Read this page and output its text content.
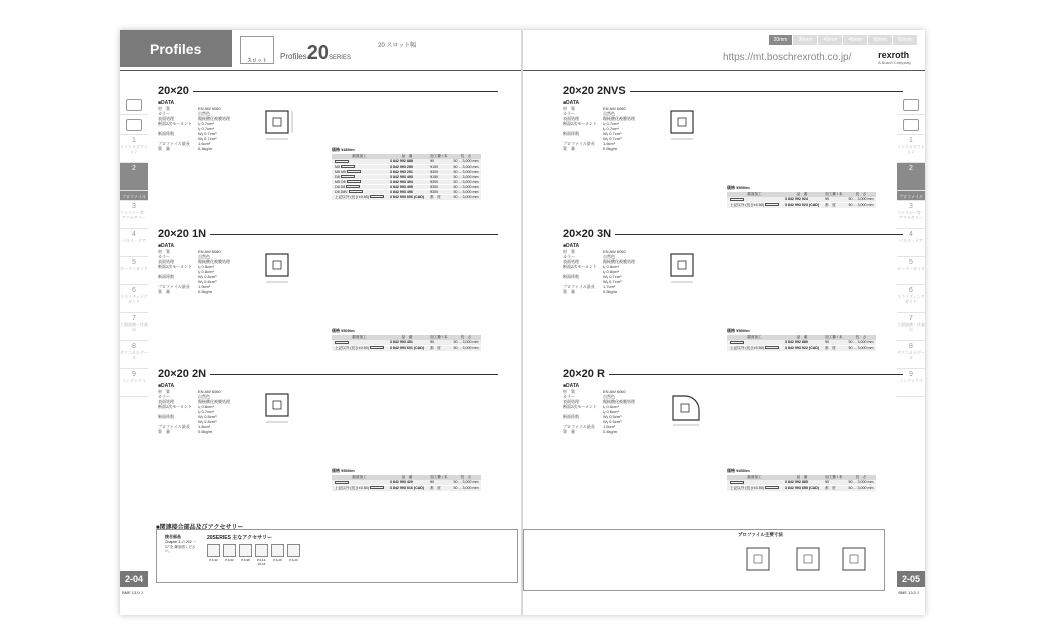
Profiles
スロット	Profiles20SERIES
20 スロット幅
1
イントロダクション
2
プロファイル
3
ファスナー等・アクセサリー
4
パネル・ドア
5
ローラーガイド
6
スライディングガイド
7
工場設備・作業台
8
テクニカルデータ
9
インデックス
2-04
BME 13.0 J
20×20
■DATA
材　質	EN AW 6060
カラー	自然色
表面処理	陽極酸化被膜処理
断面2次モーメント	Iₓ 0.7cm⁴
Iᵧ 0.7cm⁴
断面係数	Wₓ 0.7cm³
Wᵧ 0.7cm³
プロファイル最長	1.6cm²
質　量	0.4kg/m	価格 ¥480/m
端面加工	品　番	加工費 / 本	長　さ
	3 842 992 888	¥0	50 ... 3,000 mm
M5	3 842 993 250	¥150	50 ... 3,000 mm
M5 M5	3 842 993 251	¥300	50 ... 3,000 mm
D8	3 842 993 493	¥150	50 ... 3,000 mm
M5 D8	3 842 993 494	¥300	50 ... 3,000 mm
D8 D8	3 842 993 495	¥300	50 ... 3,000 mm
D8 D8V	3 842 993 496	¥300	50 ... 3,000 mm
上記以外 (長さ±0.50)	3 842 993 006 (CAD)	都　度	50 ... 3,000 mm
20×20 1N
■DATA
材　質	EN AW 6060
カラー	自然色
表面処理	陽極酸化被膜処理
断面2次モーメント	Iₓ 0.8cm⁴
Iᵧ 0.8cm⁴
断面係数	Wₓ 0.8cm³
Wᵧ 0.8cm³
プロファイル最長	1.9cm²
質　量	0.5kg/m
価格 ¥500/m
端面加工	品　番	加工費 / 本	長　さ
	3 842 993 451	¥0	50 ... 3,000 mm
上記以外 (長さ±0.50)	3 842 993 601 (CAD)	都　度	50 ... 3,000 mm
20×20 2N
■DATA
材　質	EN AW 6060
カラー	自然色
表面処理	陽極酸化被膜処理
断面2次モーメント	Iₓ 0.8cm⁴
Iᵧ 0.7cm⁴
断面係数	Wₓ 0.8cm³
Wᵧ 0.8cm³
プロファイル最長	1.8cm²
質　量	0.5kg/m
価格 ¥550/m
端面加工	品　番	加工費 / 本	長　さ
	3 842 993 420	¥0	50 ... 3,000 mm
上記以外 (長さ±0.50)	3 842 993 016 (CAD)	都　度	50 ... 3,000 mm
■関連接合部品及びアクセサリー
接合部品
Chapter 3 の 202 ～ 17 を 御参照ください。
20SERIES 主なアクセサリー
P.3-32	P.3-62	P.3-98	P.3-13, 15-16
P.3-29	P.3-20
20mm	30mm	40mm	45mm	50mm	60mm
https://mt.boschrexroth.co.jp/	rexroth
A Bosch Company
1
イントロダクション
2
プロファイル
3
ファスナー等・アクセサリー
4
パネル・ドア
5
ローラーガイド
6
スライディングガイド
7
工場設備・作業台
8
テクニカルデータ
9
インデックス
2-05
BME 13.0 J
20×20 2NVS
■DATA
材　質	EN AW 6060
カラー	自然色
表面処理	陽極酸化被膜処理
断面2次モーメント	Iₓ 0.7cm⁴
Iᵧ 0.7cm⁴
断面係数	Wₓ 0.7cm³
Wᵧ 0.7cm³
プロファイル最長	1.6cm²
質　量	0.5kg/m
価格 ¥550/m
端面加工	品　番	加工費 / 本	長　さ
	3 842 992 924	¥0	50 ... 3,000 mm
上記以外 (長さ±0.50)	3 842 993 923 (CAD)	都　度	50 ... 3,000 mm
20×20 3N
■DATA
材　質	EN AW 6060
カラー	自然色
表面処理	陽極酸化被膜処理
断面2次モーメント	Iₓ 0.8cm⁴
Iᵧ 0.8cm⁴
断面係数	Wₓ 0.7cm³
Wᵧ 0.7cm³
プロファイル最長	1.7cm²
質　量	0.5kg/m
価格 ¥550/m
端面加工	品　番	加工費 / 本	長　さ
	3 842 992 880	¥0	50 ... 3,000 mm
上記以外 (長さ±0.50)	3 842 993 922 (CAD)	都　度	50 ... 3,000 mm
20×20 R
■DATA
材　質	EN AW 6060
カラー	自然色
表面処理	陽極酸化被膜処理
断面2次モーメント	Iₓ 0.6cm⁴
Iᵧ 0.6cm⁴
断面係数	Wₓ 0.5cm³
Wᵧ 0.5cm³
プロファイル最長	1.6cm²
質　量	0.4kg/m
価格 ¥450/m
端面加工	品　番	加工費 / 本	長　さ
	3 842 992 885	¥0	50 ... 3,000 mm
上記以外 (長さ±0.50)	3 842 993 655 (CAD)	都　度	50 ... 3,000 mm
プロファイル主要寸法
